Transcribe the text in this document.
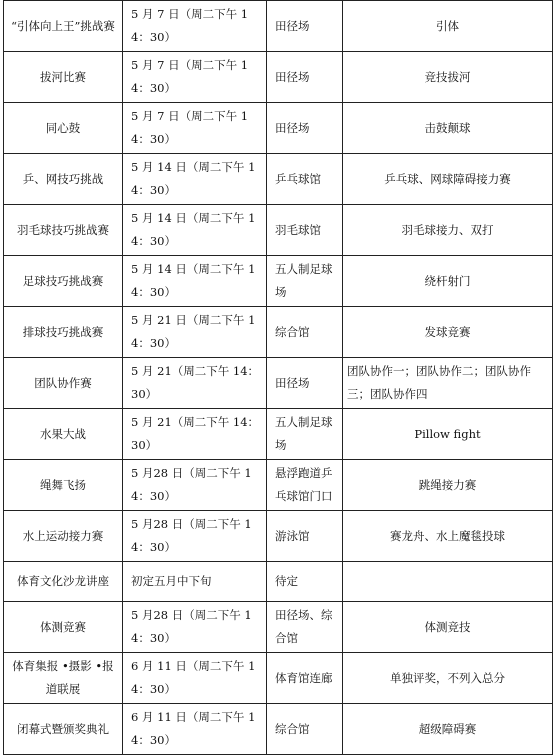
“引体向上王”挑战赛	5 月 7 日（周二下午 14：30）	田径场	引体
拔河比赛	5 月 7 日（周二下午 14：30）	田径场	竞技拔河
同心鼓	5 月 7 日（周二下午 14：30）	田径场	击鼓颠球
乒、网技巧挑战	5 月 14 日（周二下午 14：30）	乒乓球馆	乒乓球、网球障碍接力赛
羽毛球技巧挑战赛	5 月 14 日（周二下午 14：30）	羽毛球馆	羽毛球接力、双打
足球技巧挑战赛	5 月 14 日（周二下午 14：30）	五人制足球场	绕杆射门
排球技巧挑战赛	5 月 21 日（周二下午 14：30）	综合馆	发球竞赛
团队协作赛	5 月 21（周二下午 14：30）	田径场	团队协作一；团队协作二；团队协作三；团队协作四
水果大战	5 月 21（周二下午 14：30）	五人制足球场	Pillow fight
绳舞飞扬	5 月28 日（周二下午 14：30）	悬浮跑道乒乓球馆门口	跳绳接力赛
水上运动接力赛	5 月28 日（周二下午 14：30）	游泳馆	赛龙舟、水上魔毯投球
体育文化沙龙讲座	初定五月中下旬	待定	
体测竞赛	5 月28 日（周二下午 14：30）	田径场、综合馆	体测竞技
体育集报 •摄影 •报道联展	6 月 11 日（周二下午 14：30）	体育馆连廊	单独评奖，不列入总分
闭幕式暨颁奖典礼	6 月 11 日（周二下午 14：30）	综合馆	超级障碍赛
